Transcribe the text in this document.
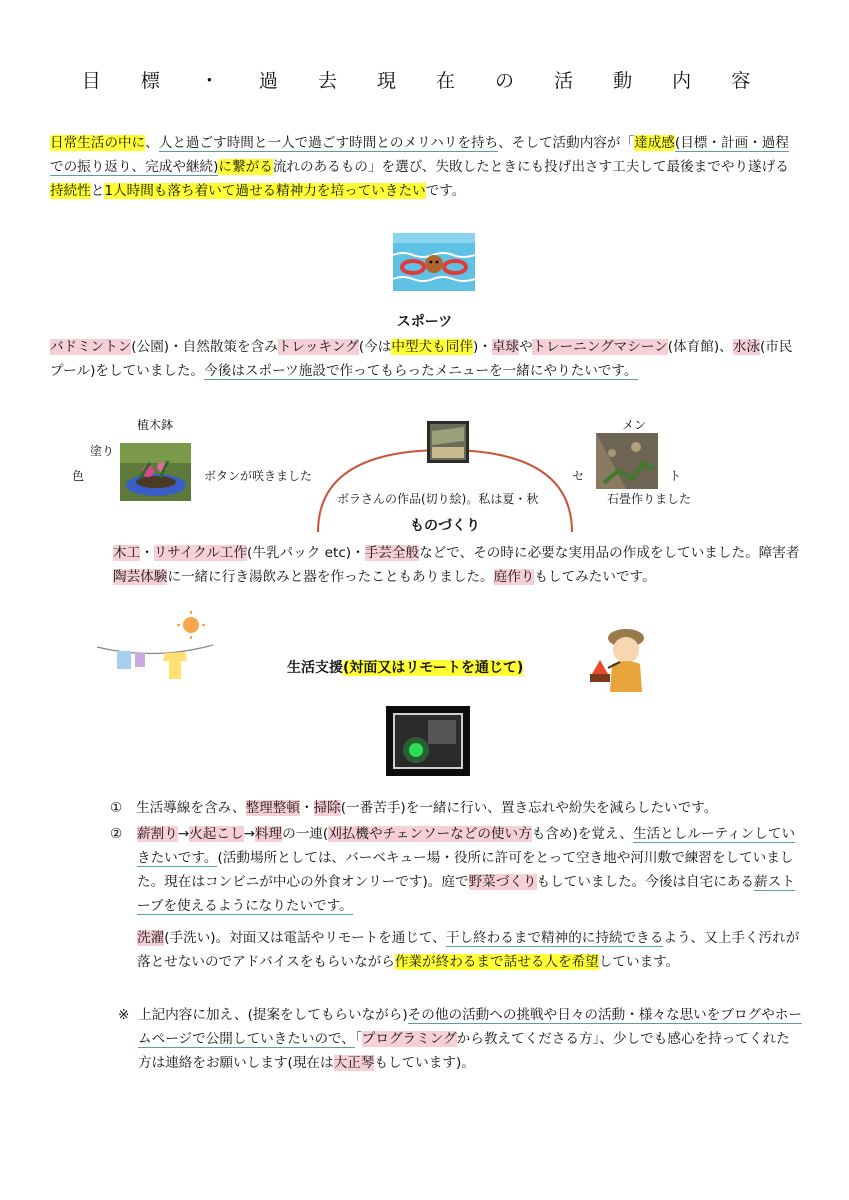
目 標 ・ 過 去 現 在 の 活 動 内 容
日常生活の中に、人と過ごす時間と一人で過ごす時間とのメリハリを持ち、そして活動内容が「達成感(目標・計画・過程での振り返り、完成や継続)に繋がる流れのあるもの」を選び、失敗したときにも投げ出さす工夫して最後までやり遂げる持続性と1人時間も落ち着いて過せる精神力を培っていきたいです。
スポーツ
バドミントン(公園)・自然散策を含みトレッキング(今は中型犬も同伴)・卓球やトレーニングマシーン(体育館)、水泳(市民プール)をしていました。今後はスポーツ施設で作ってもらったメニューを一緒にやりたいです。
植木鉢
塗り
色	ボタンが咲きました
ボラさんの作品(切り絵)。私は夏・秋
メン
セ	ト
石畳作りました
ものづくり
木工・リサイクル工作(牛乳パック etc)・手芸全般などで、その時に必要な実用品の作成をしていました。障害者陶芸体験に一緒に行き湯飲みと器を作ったこともありました。庭作りもしてみたいです。
生活支援(対面又はリモートを通じて)
① 生活導線を含み、整理整頓・掃除(一番苦手)を一緒に行い、置き忘れや紛失を減らしたいです。
②	薪割り→火起こし→料理の一連(刈払機やチェンソーなどの使い方も含め)を覚え、生活としルーティンしていきたいです。(活動場所としては、バーベキュー場・役所に許可をとって空き地や河川敷で練習をしていました。現在はコンビニが中心の外食オンリーです)。庭で野菜づくりもしていました。今後は自宅にある薪ストーブを使えるようになりたいです。
洗濯(手洗い)。対面又は電話やリモートを通じて、干し終わるまで精神的に持続できるよう、又上手く汚れが落とせないのでアドバイスをもらいながら作業が終わるまで話せる人を希望しています。
※ 上記内容に加え、(提案をしてもらいながら)その他の活動への挑戦や日々の活動・様々な思いをブログやホームページで公開していきたいので、「プログラミングから教えてくださる方」、少しでも感心を持ってくれた方は連絡をお願いします(現在は大正琴もしています)。
